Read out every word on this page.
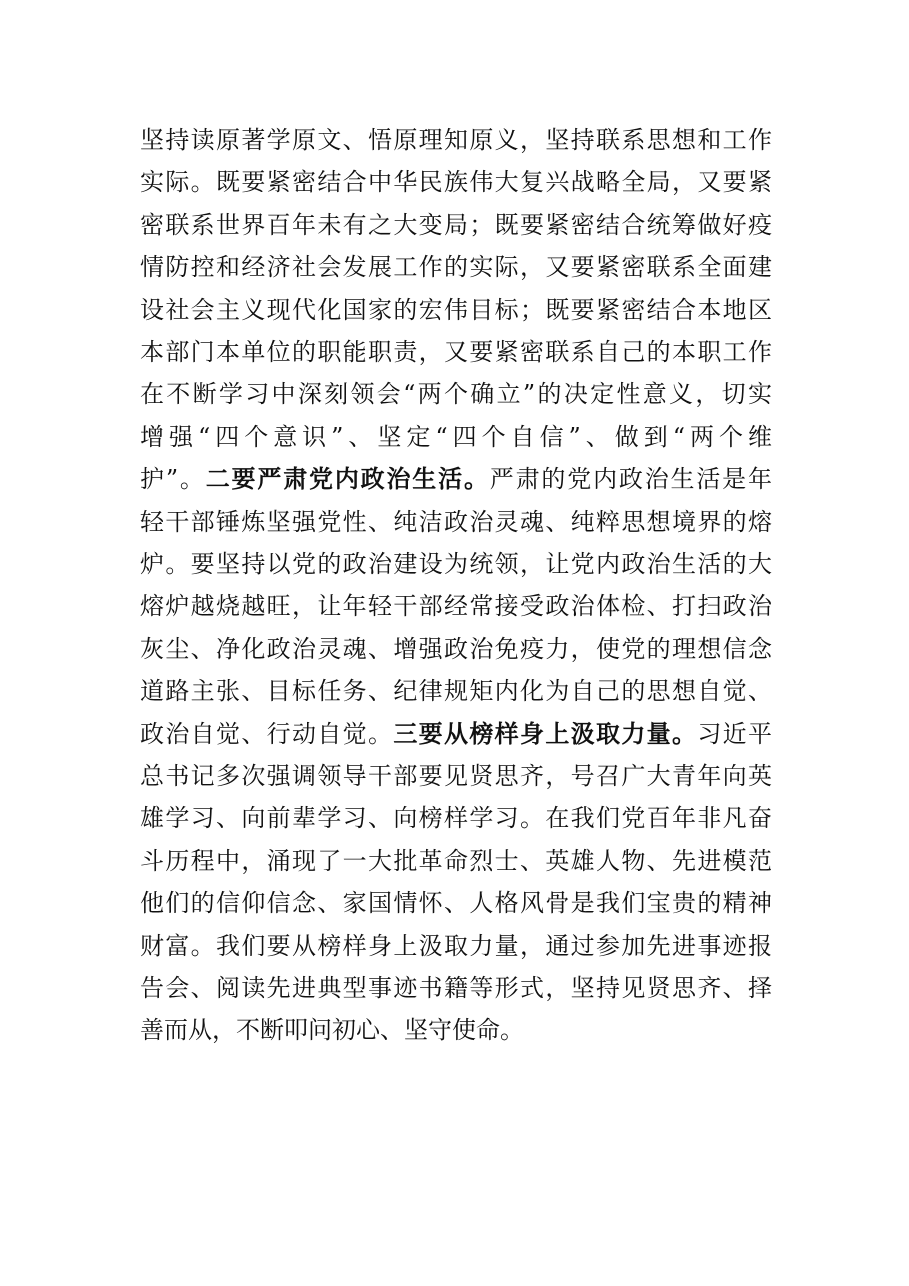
坚持读原著学原文、悟原理知原义，坚持联系思想和工作
实际。既要紧密结合中华民族伟大复兴战略全局，又要紧
密联系世界百年未有之大变局；既要紧密结合统筹做好疫
情防控和经济社会发展工作的实际，又要紧密联系全面建
设社会主义现代化国家的宏伟目标；既要紧密结合本地区
本部门本单位的职能职责，又要紧密联系自己的本职工作
在不断学习中深刻领会“两个确立”的决定性意义，切实
增强“四个意识”、坚定“四个自信”、做到“两个维
护”。二要严肃党内政治生活。严肃的党内政治生活是年
轻干部锤炼坚强党性、纯洁政治灵魂、纯粹思想境界的熔
炉。要坚持以党的政治建设为统领，让党内政治生活的大
熔炉越烧越旺，让年轻干部经常接受政治体检、打扫政治
灰尘、净化政治灵魂、增强政治免疫力，使党的理想信念
道路主张、目标任务、纪律规矩内化为自己的思想自觉、
政治自觉、行动自觉。三要从榜样身上汲取力量。习近平
总书记多次强调领导干部要见贤思齐，号召广大青年向英
雄学习、向前辈学习、向榜样学习。在我们党百年非凡奋
斗历程中，涌现了一大批革命烈士、英雄人物、先进模范
他们的信仰信念、家国情怀、人格风骨是我们宝贵的精神
财富。我们要从榜样身上汲取力量，通过参加先进事迹报
告会、阅读先进典型事迹书籍等形式，坚持见贤思齐、择
善而从，不断叩问初心、坚守使命。
